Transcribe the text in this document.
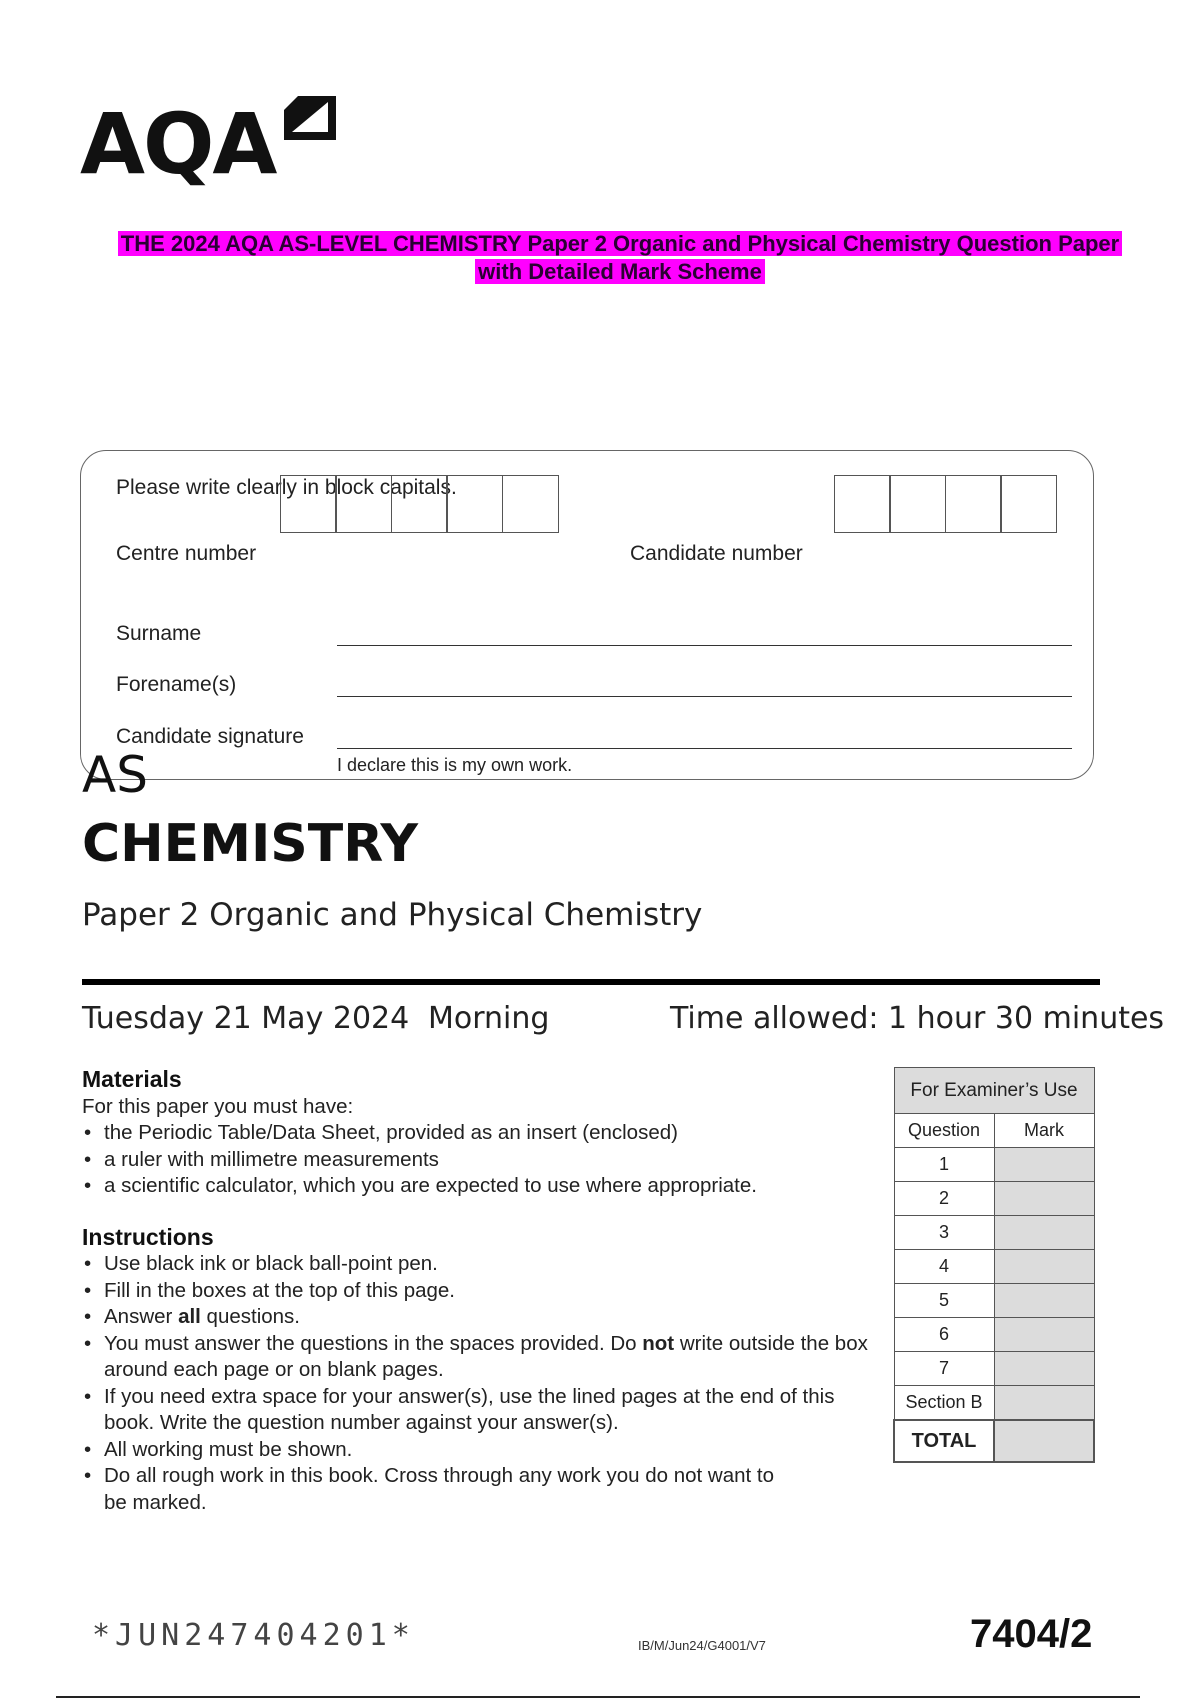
AQA
THE 2024 AQA AS-LEVEL CHEMISTRY Paper 2 Organic and Physical Chemistry Question Paper
with Detailed Mark Scheme
Please write clearly in block capitals.
Centre number	Candidate number
Surname
Forename(s)
Candidate signature
I declare this is my own work.
AS
CHEMISTRY
Paper 2 Organic and Physical Chemistry
Tuesday 21 May 2024 Morning	Time allowed: 1 hour 30 minutes
Materials
For this paper you must have:
• the Periodic Table/Data Sheet, provided as an insert (enclosed)
• a ruler with millimetre measurements
• a scientific calculator, which you are expected to use where appropriate.
Instructions
• Use black ink or black ball-point pen.
• Fill in the boxes at the top of this page.
• Answer all questions.
• You must answer the questions in the spaces provided. Do not write outside the box around each page or on blank pages.
• If you need extra space for your answer(s), use the lined pages at the end of this book. Write the question number against your answer(s).
• All working must be shown.
• Do all rough work in this book. Cross through any work you do not want to be marked.
For Examiner’s Use	
Question	Mark
1	
2	
3	
4	
5	
6	
7	
Section B	
TOTAL	
*JUN247404201*	IB/M/Jun24/G4001/V7	7404/2
